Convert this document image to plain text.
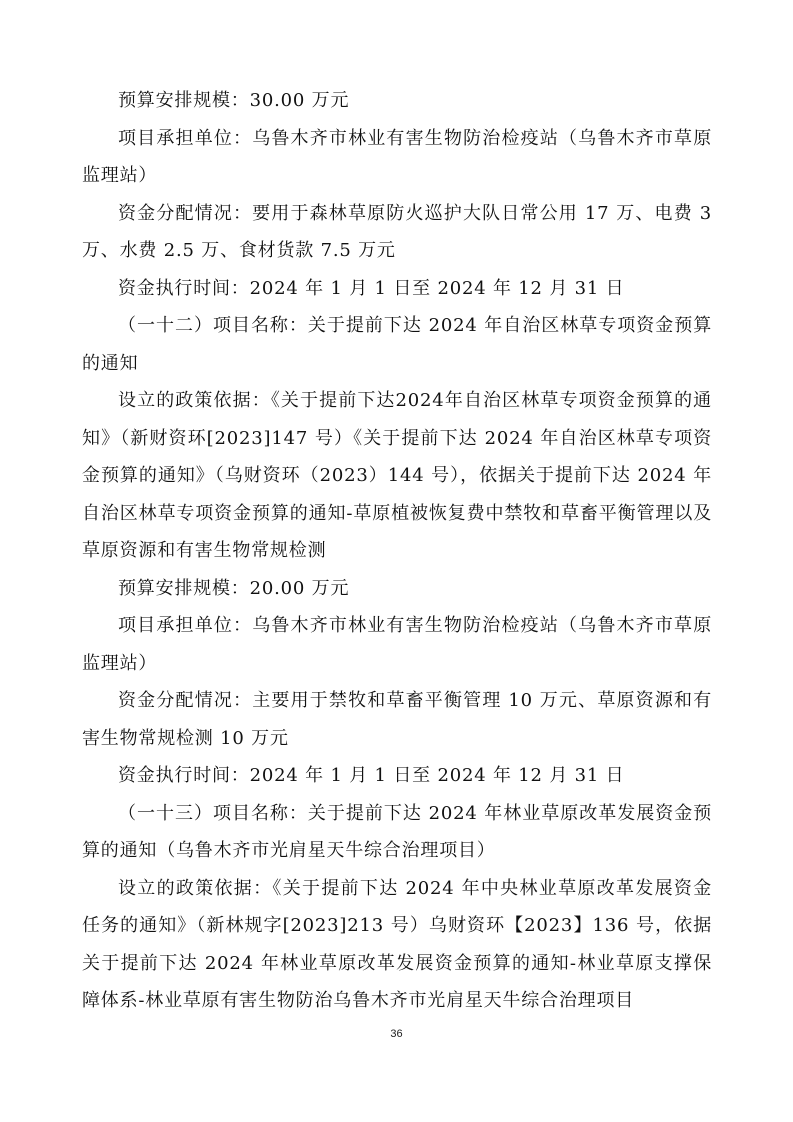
预算安排规模：30.00 万元

项目承担单位：乌鲁木齐市林业有害生物防治检疫站（乌鲁木齐市草原监理站）

资金分配情况：要用于森林草原防火巡护大队日常公用 17 万、电费 3 万、水费 2.5 万、食材货款 7.5 万元

资金执行时间：2024 年 1 月 1 日至 2024 年 12 月 31 日

（一十二）项目名称：关于提前下达 2024 年自治区林草专项资金预算的通知

设立的政策依据：《关于提前下达2024年自治区林草专项资金预算的通知》（新财资环[2023]147 号）《关于提前下达 2024 年自治区林草专项资金预算的通知》（乌财资环（2023）144 号），依据关于提前下达 2024 年自治区林草专项资金预算的通知-草原植被恢复费中禁牧和草畜平衡管理以及草原资源和有害生物常规检测

预算安排规模：20.00 万元

项目承担单位：乌鲁木齐市林业有害生物防治检疫站（乌鲁木齐市草原监理站）

资金分配情况：主要用于禁牧和草畜平衡管理 10 万元、草原资源和有害生物常规检测 10 万元

资金执行时间：2024 年 1 月 1 日至 2024 年 12 月 31 日

（一十三）项目名称：关于提前下达 2024 年林业草原改革发展资金预算的通知（乌鲁木齐市光肩星天牛综合治理项目）

设立的政策依据：《关于提前下达 2024 年中央林业草原改革发展资金任务的通知》（新林规字[2023]213 号）乌财资环【2023】136 号，依据关于提前下达 2024 年林业草原改革发展资金预算的通知-林业草原支撑保障体系-林业草原有害生物防治乌鲁木齐市光肩星天牛综合治理项目

36
